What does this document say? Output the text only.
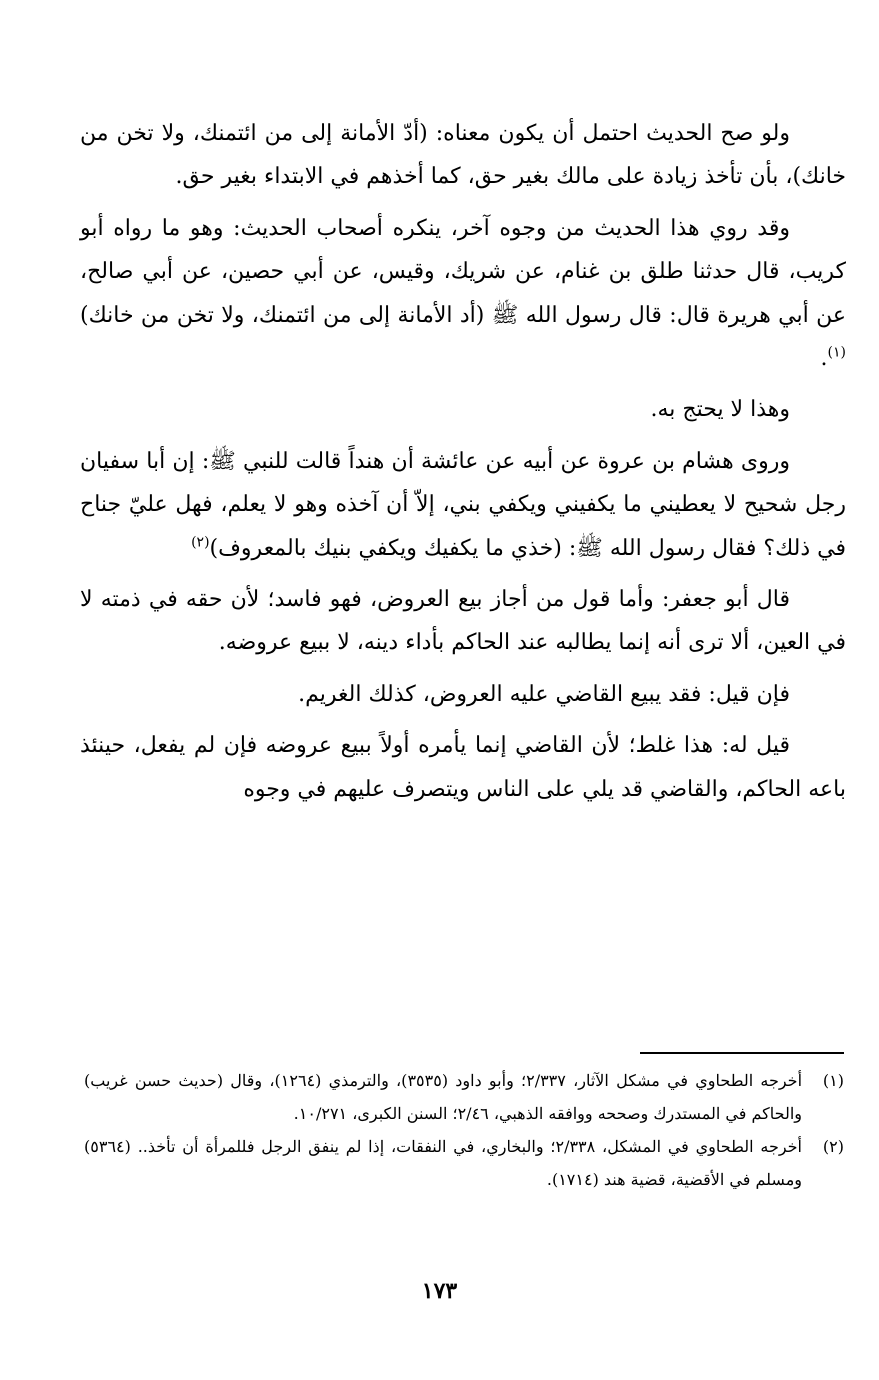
ولو صح الحديث احتمل أن يكون معناه: (أدّ الأمانة إلى من ائتمنك، ولا تخن من خانك)، بأن تأخذ زيادة على مالك بغير حق، كما أخذهم في الابتداء بغير حق.

وقد روي هذا الحديث من وجوه آخر، ينكره أصحاب الحديث: وهو ما رواه أبو كريب، قال حدثنا طلق بن غنام، عن شريك، وقيس، عن أبي حصين، عن أبي صالح، عن أبي هريرة قال: قال رسول الله ﷺ (أد الأمانة إلى من ائتمنك، ولا تخن من خانك)$^{(١)}$.

وهذا لا يحتج به.

وروى هشام بن عروة عن أبيه عن عائشة أن هنداً قالت للنبي ﷺ: إن أبا سفيان رجل شحيح لا يعطيني ما يكفيني ويكفي بني، إلاّ أن آخذه وهو لا يعلم، فهل عليّ جناح في ذلك؟ فقال رسول الله ﷺ: (خذي ما يكفيك ويكفي بنيك بالمعروف)$^{(٢)}$

قال أبو جعفر: وأما قول من أجاز بيع العروض، فهو فاسد؛ لأن حقه في ذمته لا في العين، ألا ترى أنه إنما يطالبه عند الحاكم بأداء دينه، لا ببيع عروضه.

فإن قيل: فقد يبيع القاضي عليه العروض، كذلك الغريم.

قيل له: هذا غلط؛ لأن القاضي إنما يأمره أولاً ببيع عروضه فإن لم يفعل، حينئذ باعه الحاكم، والقاضي قد يلي على الناس ويتصرف عليهم في وجوه

(١)

أخرجه الطحاوي في مشكل الآثار، ٢/٣٣٧؛ وأبو داود (٣٥٣٥)، والترمذي (١٢٦٤)، وقال (حديث حسن غريب) والحاكم في المستدرك وصححه ووافقه الذهبي، ٢/٤٦؛ السنن الكبرى، ١٠/٢٧١.

(٢)

أخرجه الطحاوي في المشكل، ٢/٣٣٨؛ والبخاري، في النفقات، إذا لم ينفق الرجل فللمرأة أن تأخذ.. (٥٣٦٤) ومسلم في الأقضية، قضية هند (١٧١٤).

١٧٣
